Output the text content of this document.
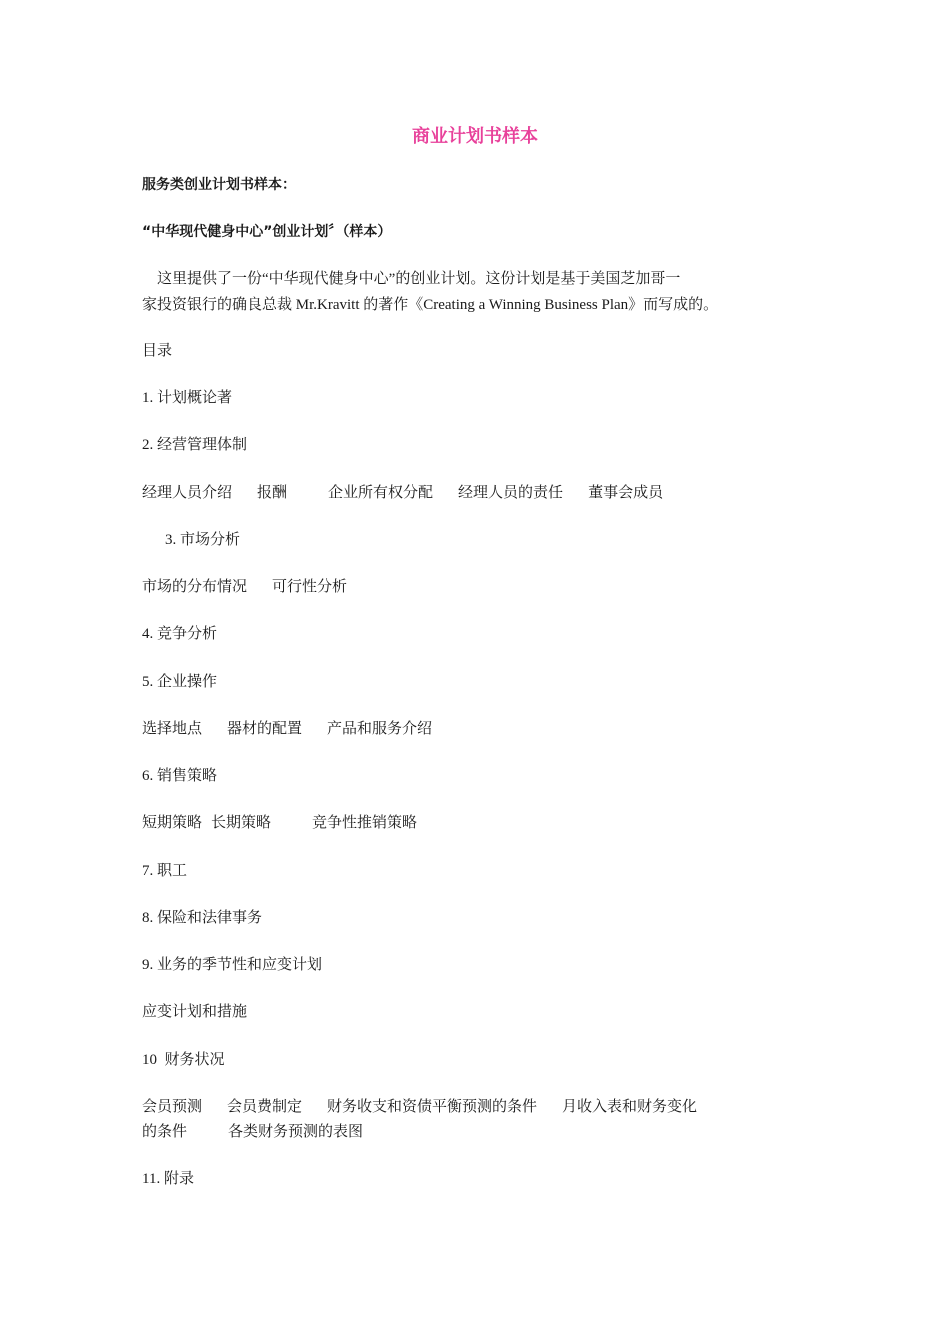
商业计划书样本
服务类创业计划书样本：
“中华现代健身中心”创业计划〞（样本）
这里提供了一份“中华现代健身中心”的创业计划。这份计划是基于美国芝加哥一
家投资银行的确良总裁 Mr.Kravitt 的著作《Creating a Winning Business Plan》而写成的。
目录
1. 计划概论著
2. 经营管理体制
经理人员介绍 报酬	企业所有权分配 经理人员的责任 董事会成员
3. 市场分析
市场的分布情况 可行性分析
4. 竞争分析
5. 企业操作
选择地点 器材的配置 产品和服务介绍
6. 销售策略
短期策略 长期策略	竞争性推销策略
7. 职工
8. 保险和法律事务
9. 业务的季节性和应变计划
应变计划和措施
10  财务状况
会员预测 会员费制定 财务收支和资债平衡预测的条件 月收入表和财务变化
的条件	各类财务预测的表图
11. 附录
